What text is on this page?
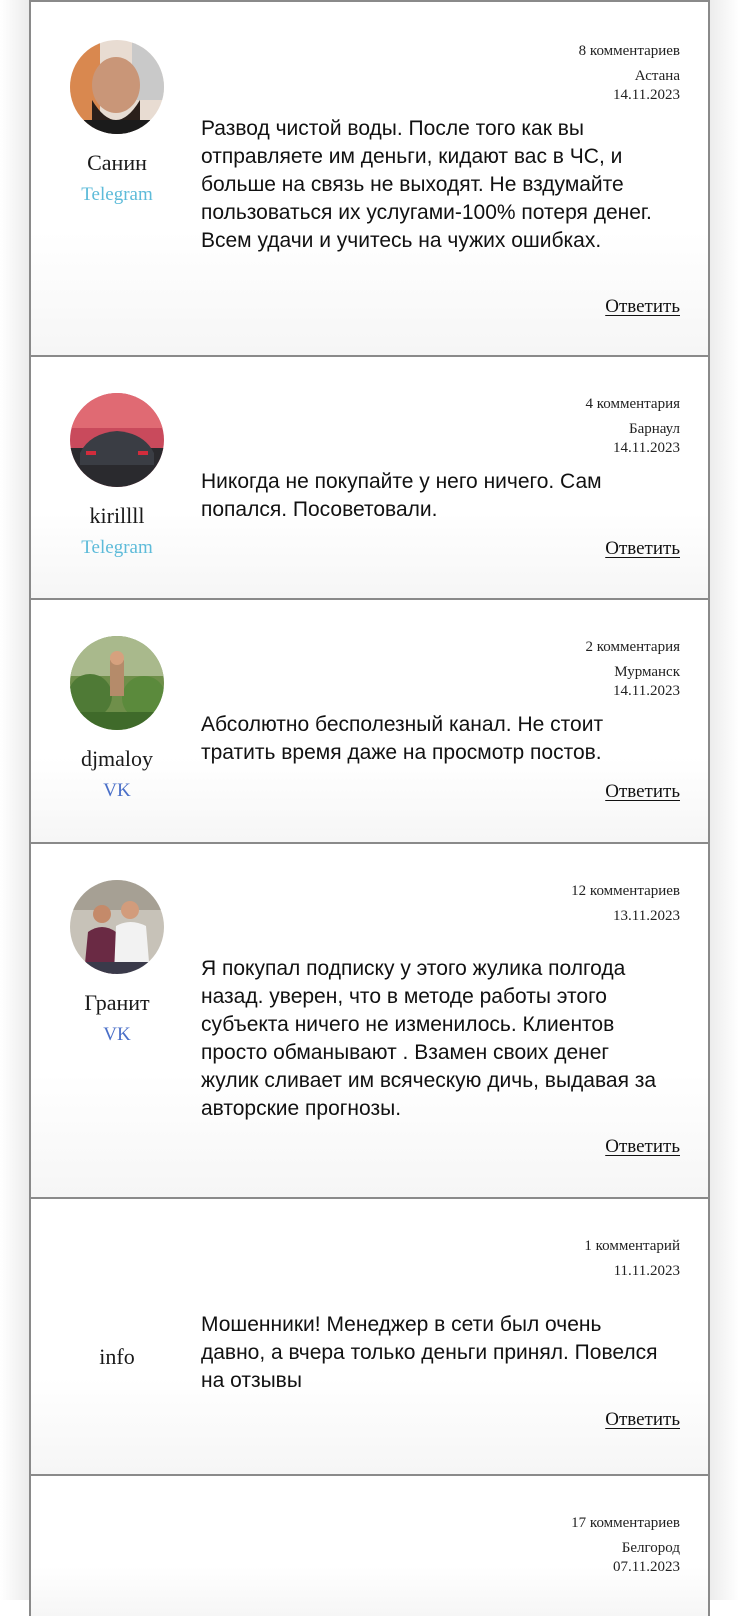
Санин
Telegram
8 комментариев
Астана
14.11.2023
Развод чистой воды. После того как вы отправляете им деньги, кидают вас в ЧС, и больше на связь не выходят. Не вздумайте пользоваться их услугами-100% потеря денег. Всем удачи и учитесь на чужих ошибках.
Ответить
kirillll
Telegram
4 комментария
Барнаул
14.11.2023
Никогда не покупайте у него ничего. Сам попался. Посоветовали.
Ответить
djmaloy
VK
2 комментария
Мурманск
14.11.2023
Абсолютно бесполезный канал. Не стоит тратить время даже на просмотр постов.
Ответить
Гранит
VK
12 комментариев
13.11.2023
Я покупал подписку у этого жулика полгода назад. уверен, что в методе работы этого субъекта ничего не изменилось. Клиентов просто обманывают . Взамен своих денег жулик сливает им всяческую дичь, выдавая за авторские прогнозы.
Ответить
info
1 комментарий
11.11.2023
Мошенники! Менеджер в сети был очень давно, а вчера только деньги принял. Повелся на отзывы
Ответить
17 комментариев
Белгород
07.11.2023
